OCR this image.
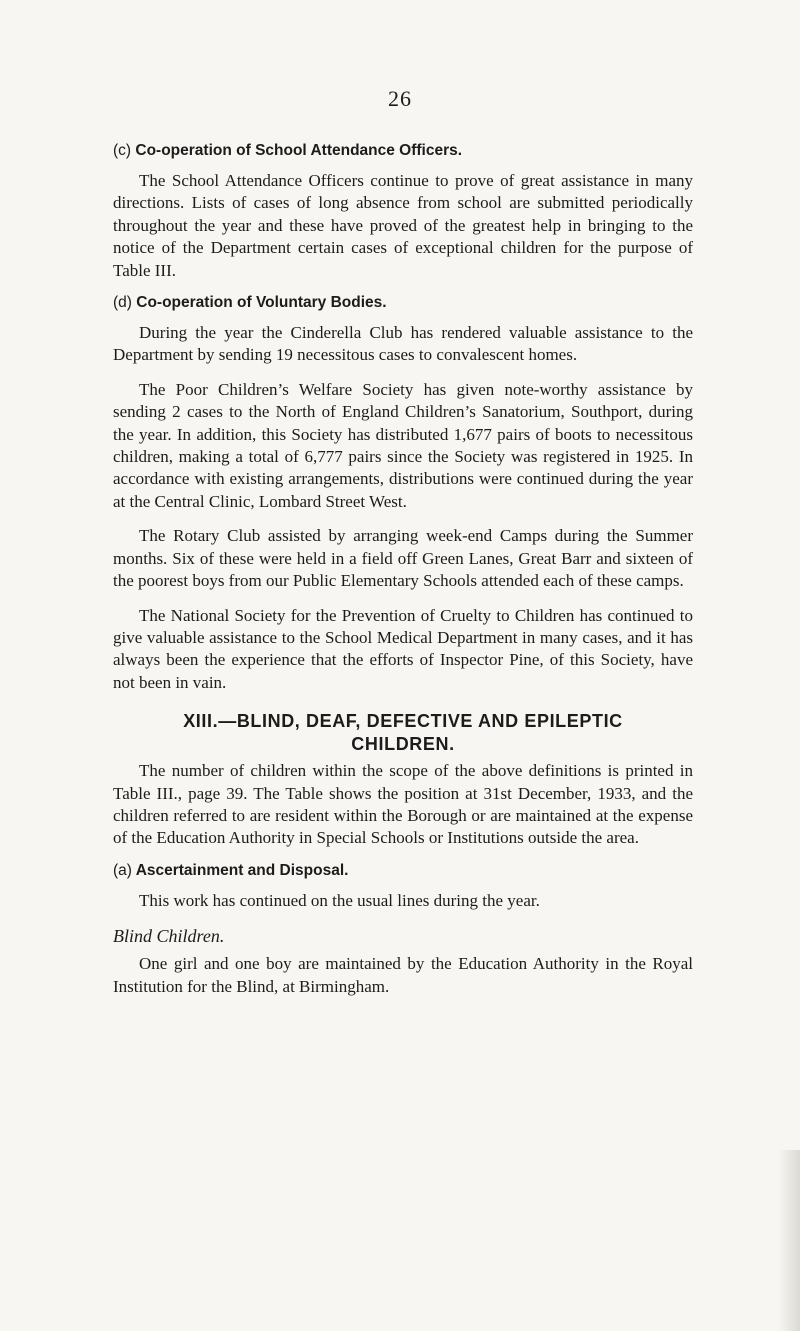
26
(c) Co-operation of School Attendance Officers.

The School Attendance Officers continue to prove of great assistance in many directions. Lists of cases of long absence from school are submitted periodically throughout the year and these have proved of the greatest help in bringing to the notice of the Department certain cases of exceptional children for the purpose of Table III.

(d) Co-operation of Voluntary Bodies.

During the year the Cinderella Club has rendered valuable assistance to the Department by sending 19 necessitous cases to convalescent homes.

The Poor Children’s Welfare Society has given note-worthy assistance by sending 2 cases to the North of England Children’s Sanatorium, Southport, during the year. In addition, this Society has distributed 1,677 pairs of boots to necessitous children, making a total of 6,777 pairs since the Society was registered in 1925. In accordance with existing arrangements, distributions were continued during the year at the Central Clinic, Lombard Street West.

The Rotary Club assisted by arranging week-end Camps during the Summer months. Six of these were held in a field off Green Lanes, Great Barr and sixteen of the poorest boys from our Public Elementary Schools attended each of these camps.

The National Society for the Prevention of Cruelty to Children has continued to give valuable assistance to the School Medical Department in many cases, and it has always been the experience that the efforts of Inspector Pine, of this Society, have not been in vain.

XIII.—BLIND, DEAF, DEFECTIVE AND EPILEPTIC
CHILDREN.

The number of children within the scope of the above definitions is printed in Table III., page 39. The Table shows the position at 31st December, 1933, and the children referred to are resident within the Borough or are maintained at the expense of the Education Authority in Special Schools or Institutions outside the area.

(a) Ascertainment and Disposal.

This work has continued on the usual lines during the year.

Blind Children.

One girl and one boy are maintained by the Education Authority in the Royal Institution for the Blind, at Birmingham.
